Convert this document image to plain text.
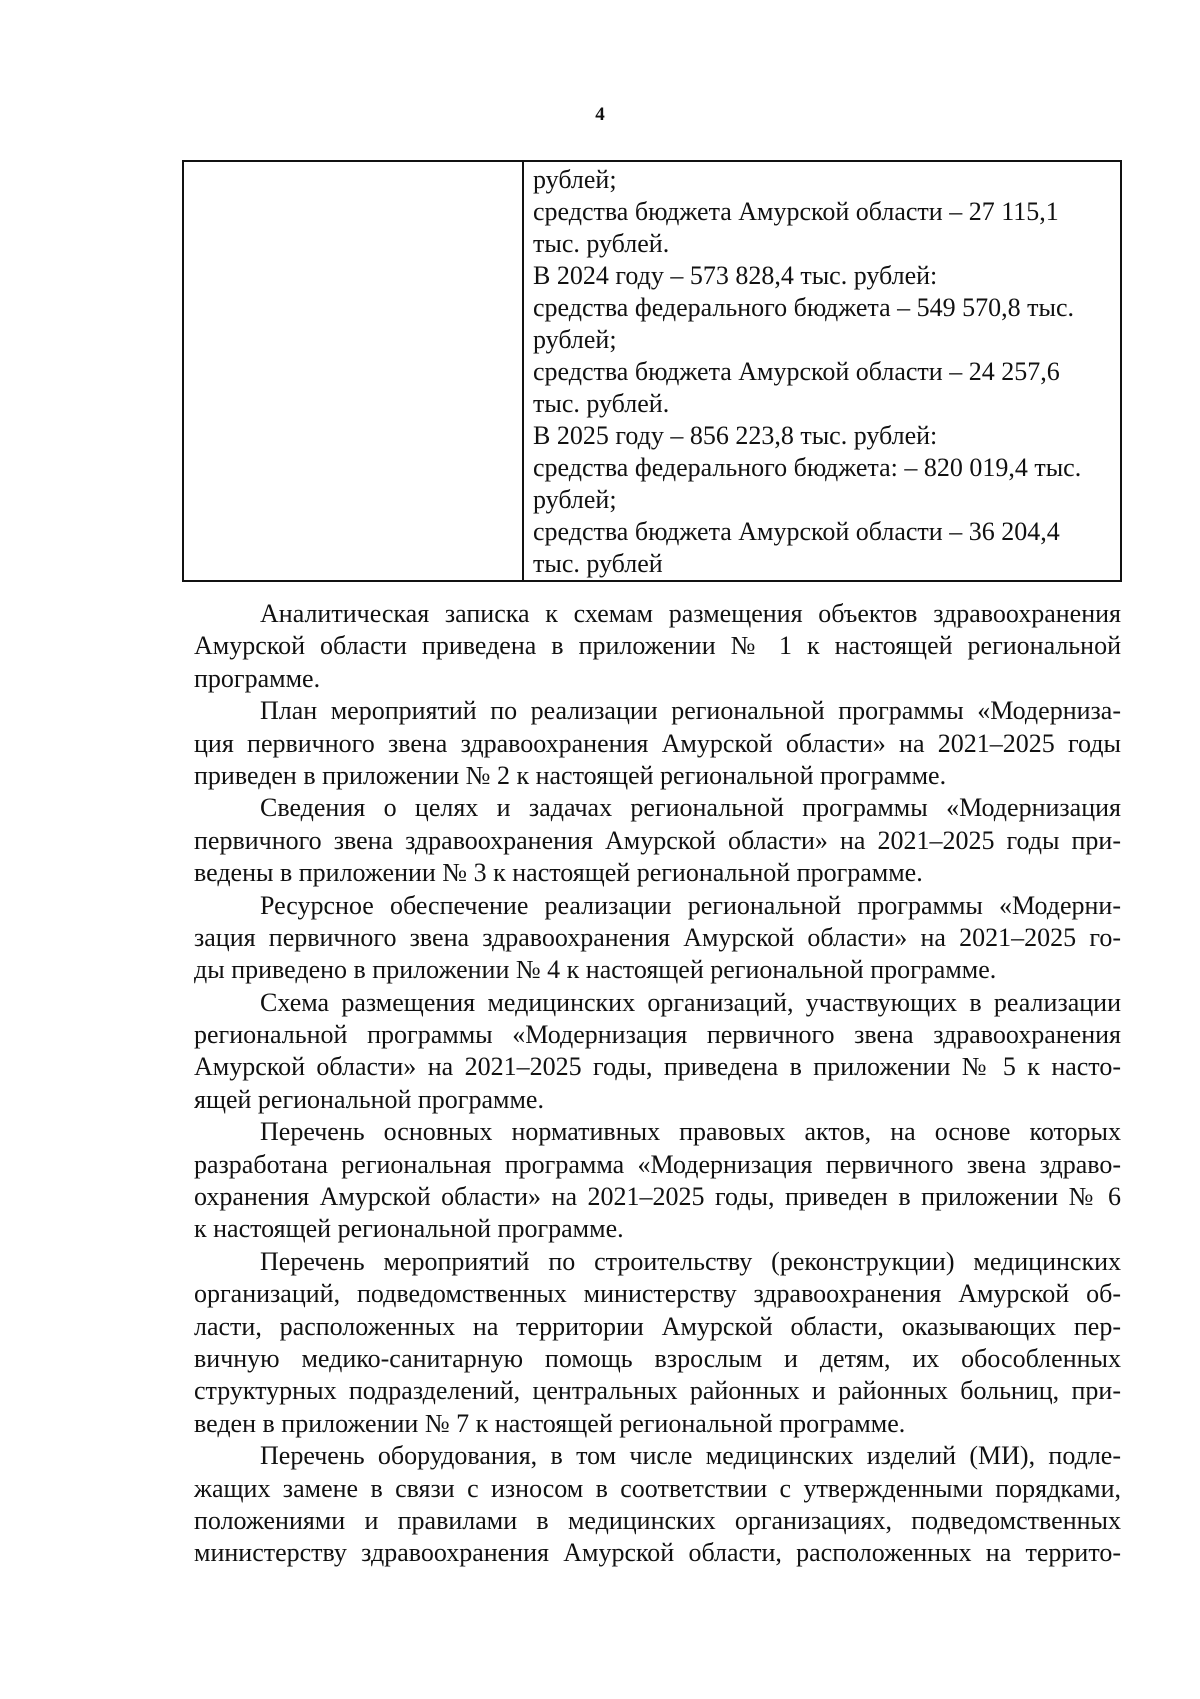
4

рублей;
средства бюджета Амурской области – 27 115,1
тыс. рублей.
В 2024 году – 573 828,4 тыс. рублей:
средства федерального бюджета – 549 570,8 тыс.
рублей;
средства бюджета Амурской области – 24 257,6
тыс. рублей.
В 2025 году – 856 223,8 тыс. рублей:
средства федерального бюджета: – 820 019,4 тыс.
рублей;
средства бюджета Амурской области – 36 204,4
тыс. рублей
Аналитическая записка к схемам размещения объектов здравоохранения
Амурской области приведена в приложении № 1 к настоящей региональной
программе.
План мероприятий по реализации региональной программы «Модерниза-
ция первичного звена здравоохранения Амурской области» на 2021–2025 годы
приведен в приложении № 2 к настоящей региональной программе.
Сведения о целях и задачах региональной программы «Модернизация
первичного звена здравоохранения Амурской области» на 2021–2025 годы при-
ведены в приложении № 3 к настоящей региональной программе.
Ресурсное обеспечение реализации региональной программы «Модерни-
зация первичного звена здравоохранения Амурской области» на 2021–2025 го-
ды приведено в приложении № 4 к настоящей региональной программе.
Схема размещения медицинских организаций, участвующих в реализации
региональной программы «Модернизация первичного звена здравоохранения
Амурской области» на 2021–2025 годы, приведена в приложении № 5 к насто-
ящей региональной программе.
Перечень основных нормативных правовых актов, на основе которых
разработана региональная программа «Модернизация первичного звена здраво-
охранения Амурской области» на 2021–2025 годы, приведен в приложении № 6
к настоящей региональной программе.
Перечень мероприятий по строительству (реконструкции) медицинских
организаций, подведомственных министерству здравоохранения Амурской об-
ласти, расположенных на территории Амурской области, оказывающих пер-
вичную медико-санитарную помощь взрослым и детям, их обособленных
структурных подразделений, центральных районных и районных больниц, при-
веден в приложении № 7 к настоящей региональной программе.
Перечень оборудования, в том числе медицинских изделий (МИ), подле-
жащих замене в связи с износом в соответствии с утвержденными порядками,
положениями и правилами в медицинских организациях, подведомственных
министерству здравоохранения Амурской области, расположенных на террито-
